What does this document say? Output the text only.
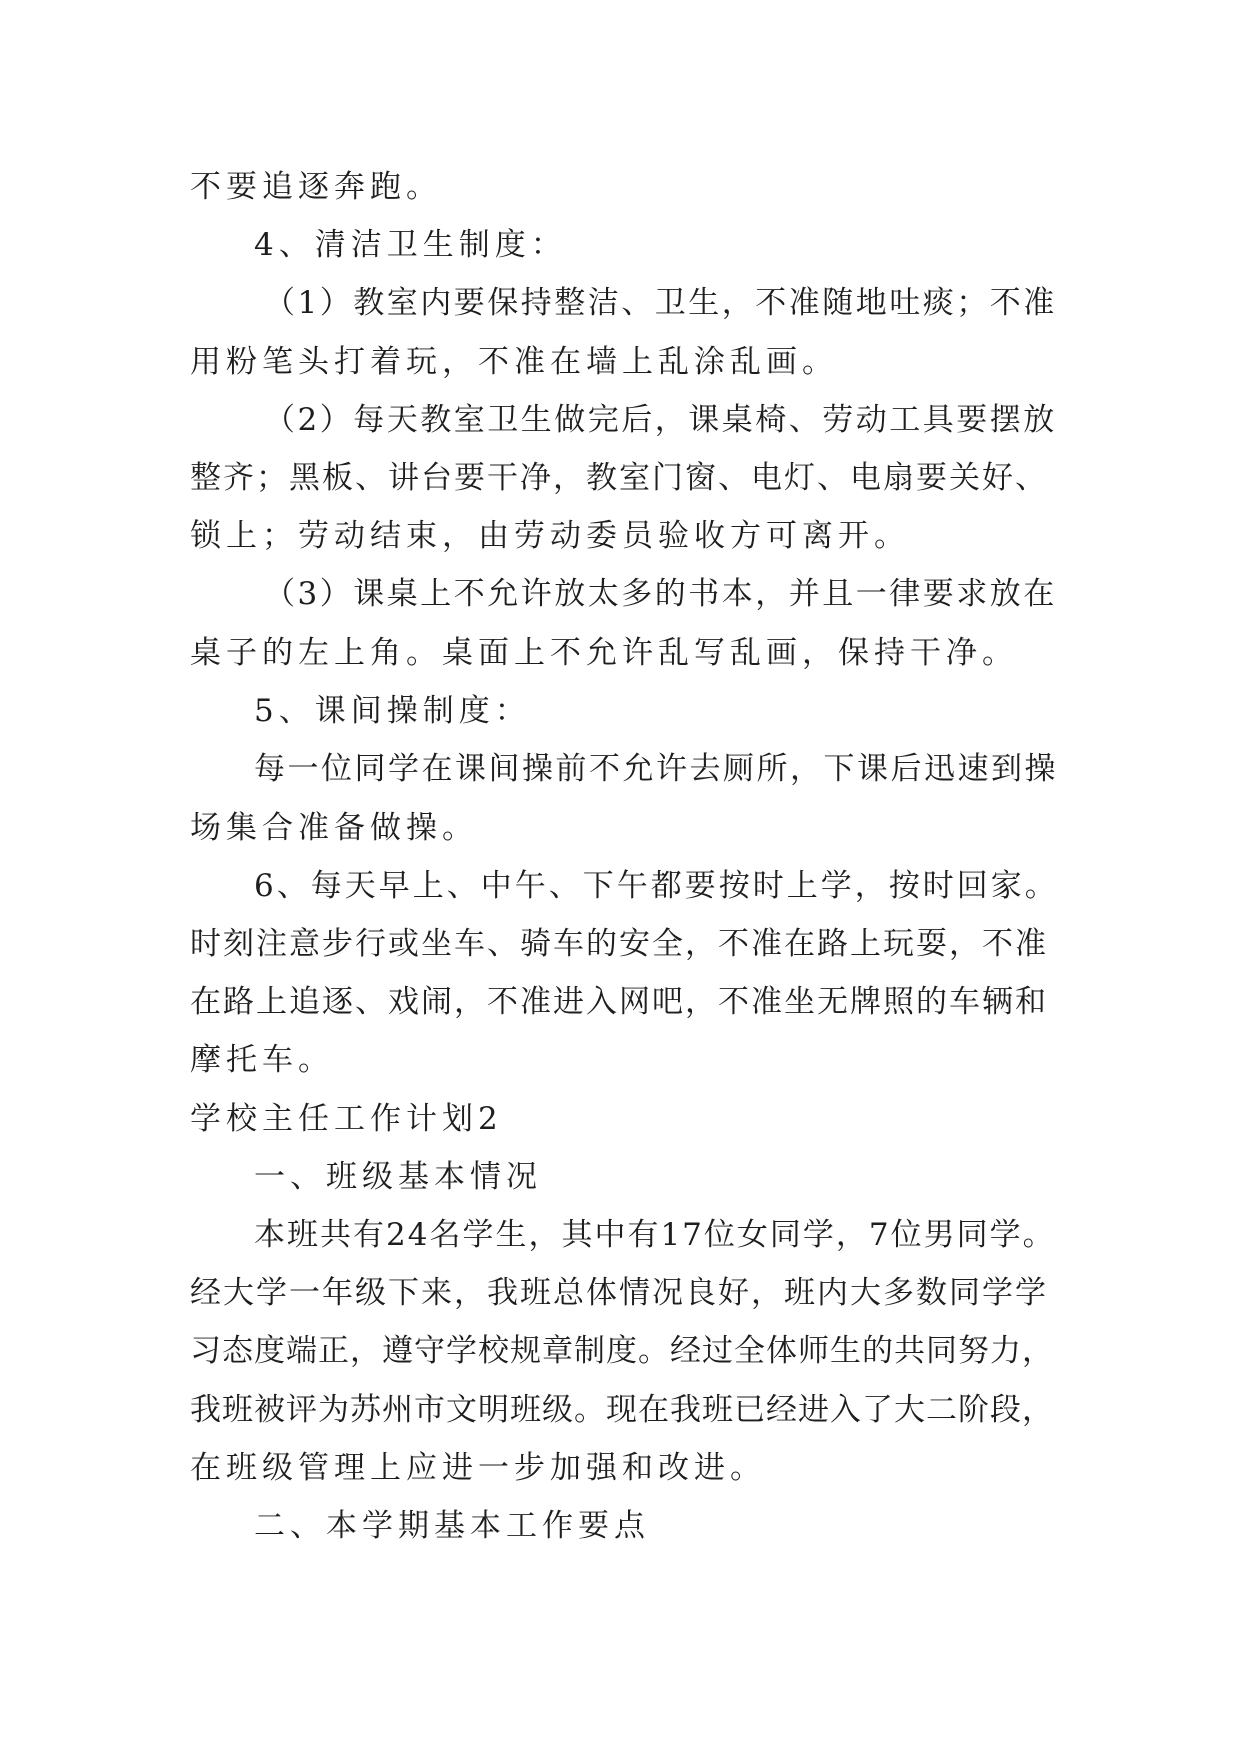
不要追逐奔跑。
4、清洁卫生制度：
（1）教室内要保持整洁、卫生，不准随地吐痰；不准
用粉笔头打着玩，不准在墙上乱涂乱画。
（2）每天教室卫生做完后，课桌椅、劳动工具要摆放
整齐；黑板、讲台要干净，教室门窗、电灯、电扇要关好、
锁上；劳动结束，由劳动委员验收方可离开。
（3）课桌上不允许放太多的书本，并且一律要求放在
桌子的左上角。桌面上不允许乱写乱画，保持干净。
5、课间操制度：
每一位同学在课间操前不允许去厕所，下课后迅速到操
场集合准备做操。
6、每天早上、中午、下午都要按时上学，按时回家。
时刻注意步行或坐车、骑车的安全，不准在路上玩耍，不准
在路上追逐、戏闹，不准进入网吧，不准坐无牌照的车辆和
摩托车。
学校主任工作计划2
一、班级基本情况
本班共有24名学生，其中有17位女同学，7位男同学。
经大学一年级下来，我班总体情况良好，班内大多数同学学
习态度端正，遵守学校规章制度。经过全体师生的共同努力，
我班被评为苏州市文明班级。现在我班已经进入了大二阶段，
在班级管理上应进一步加强和改进。
二、本学期基本工作要点
